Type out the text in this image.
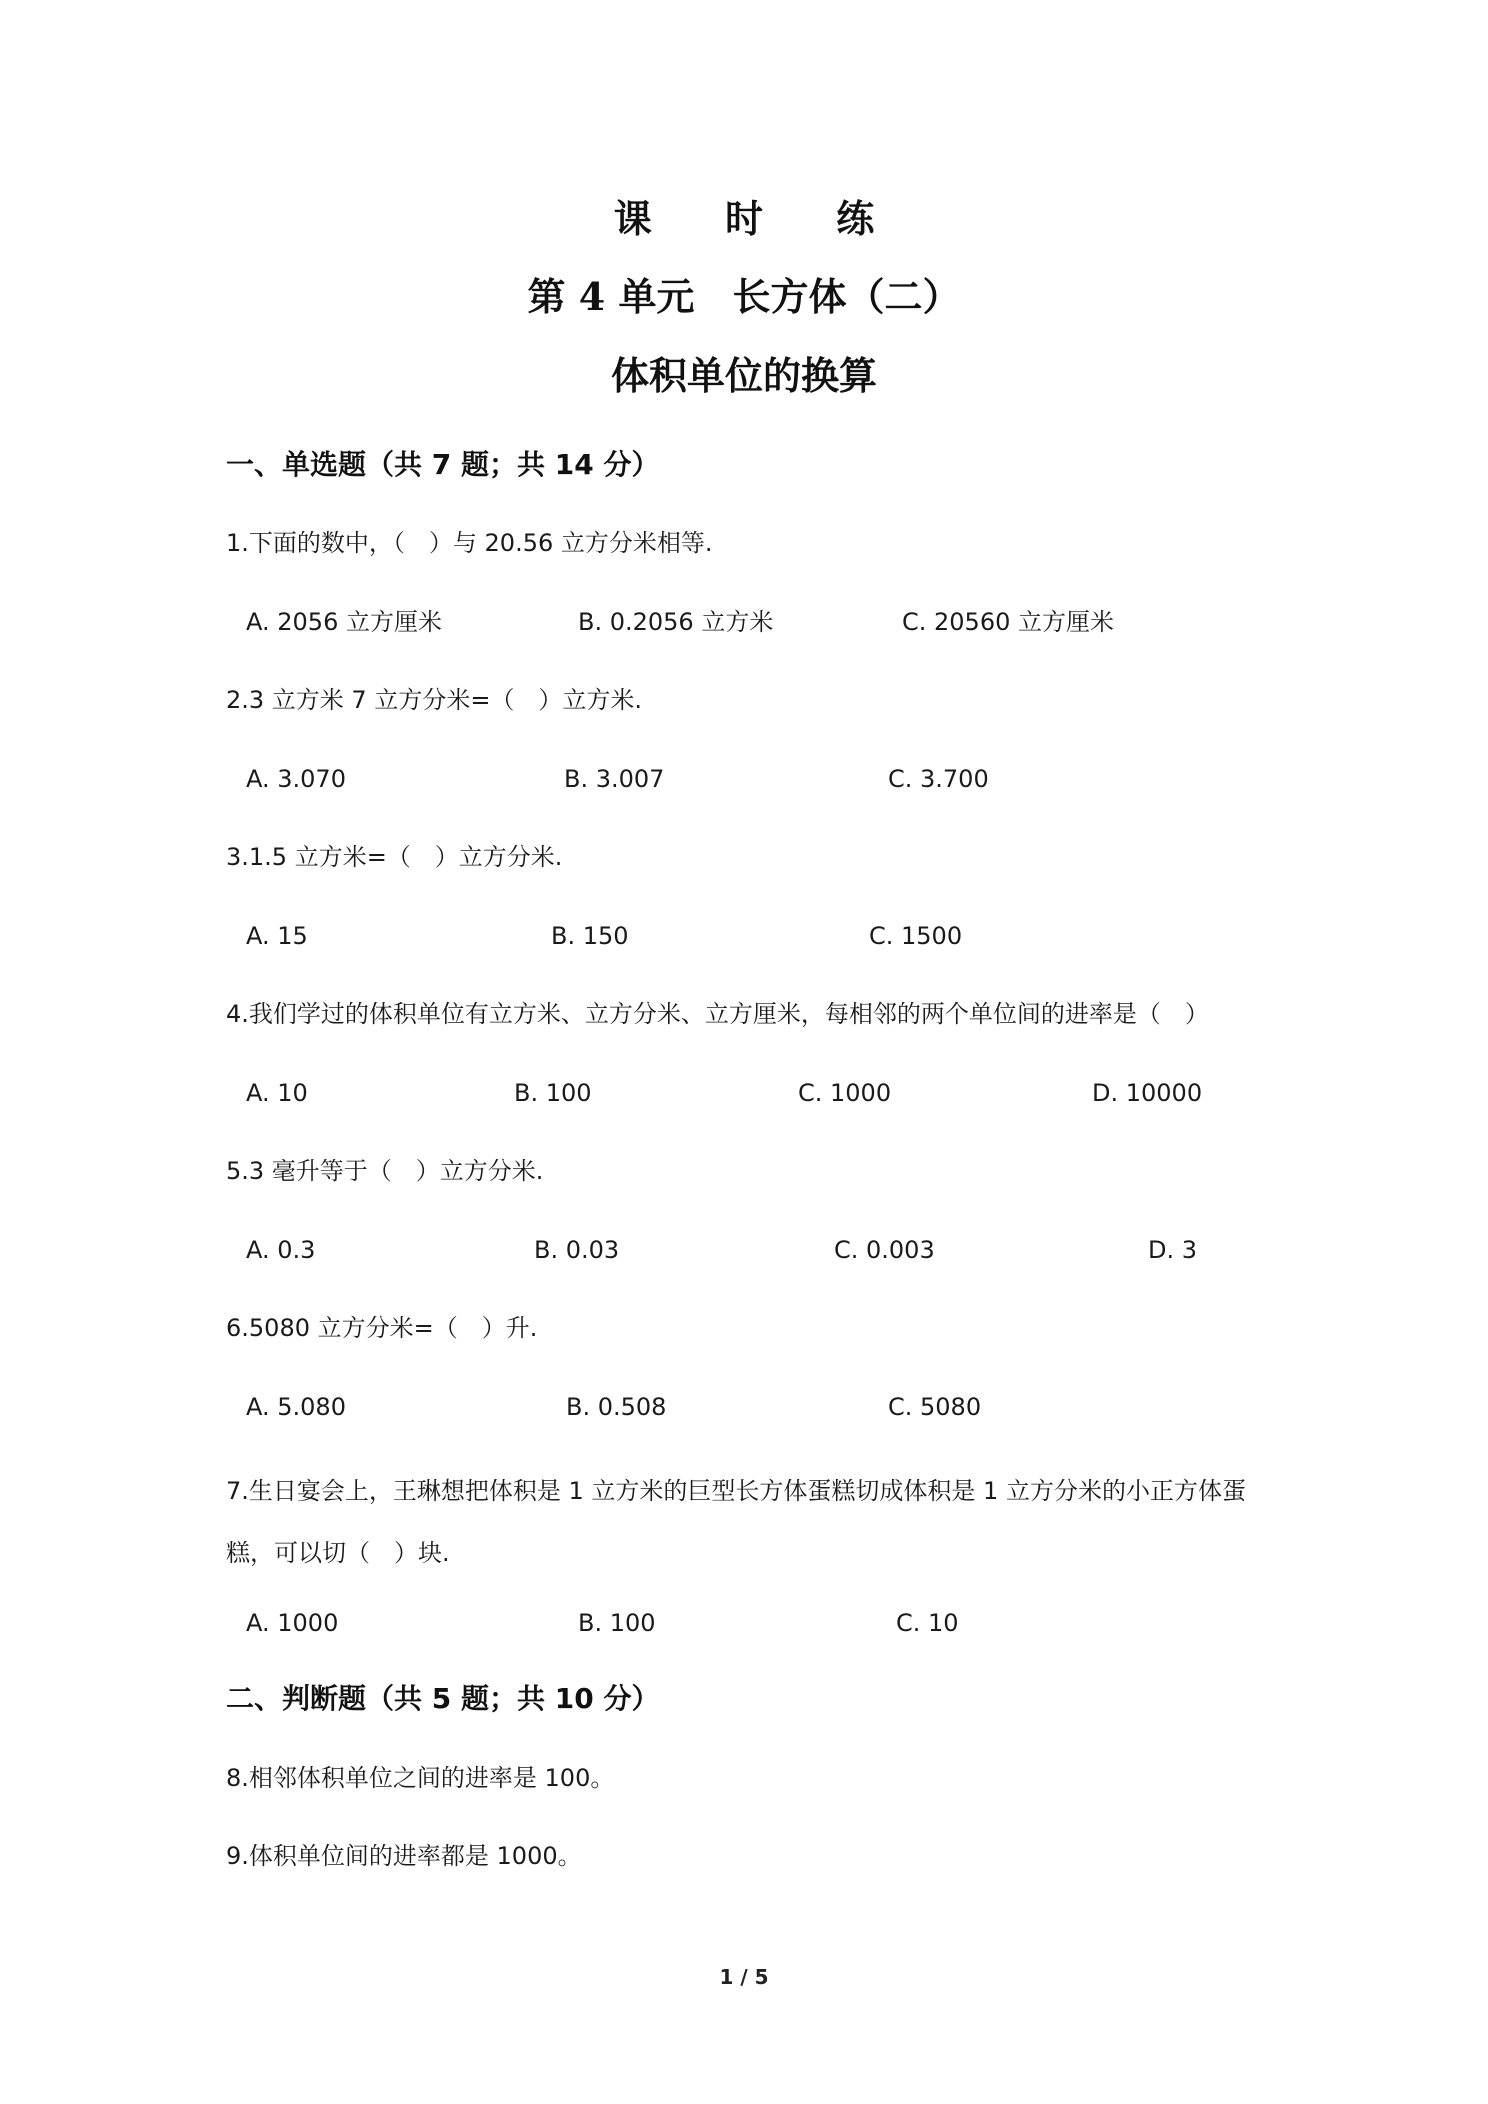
课 时 练
第 4 单元　长方体（二）
体积单位的换算
一、单选题（共 7 题；共 14 分）
1.下面的数中，（　）与 20.56 立方分米相等.
A. 2056 立方厘米	B. 0.2056 立方米	C. 20560 立方厘米
2.3 立方米 7 立方分米=（　）立方米.
A. 3.070	B. 3.007	C. 3.700
3.1.5 立方米=（　）立方分米.
A. 15	B. 150	C. 1500
4.我们学过的体积单位有立方米、立方分米、立方厘米，每相邻的两个单位间的进率是（　）
A. 10	B. 100	C. 1000	D. 10000
5.3 毫升等于（　）立方分米.
A. 0.3	B. 0.03	C. 0.003	D. 3
6.5080 立方分米=（　）升.
A. 5.080	B. 0.508	C. 5080
7.生日宴会上，王琳想把体积是 1 立方米的巨型长方体蛋糕切成体积是 1 立方分米的小正方体蛋糕，可以切（　）块.
A. 1000	B. 100	C. 10
二、判断题（共 5 题；共 10 分）
8.相邻体积单位之间的进率是 100。
9.体积单位间的进率都是 1000。
1 / 5
